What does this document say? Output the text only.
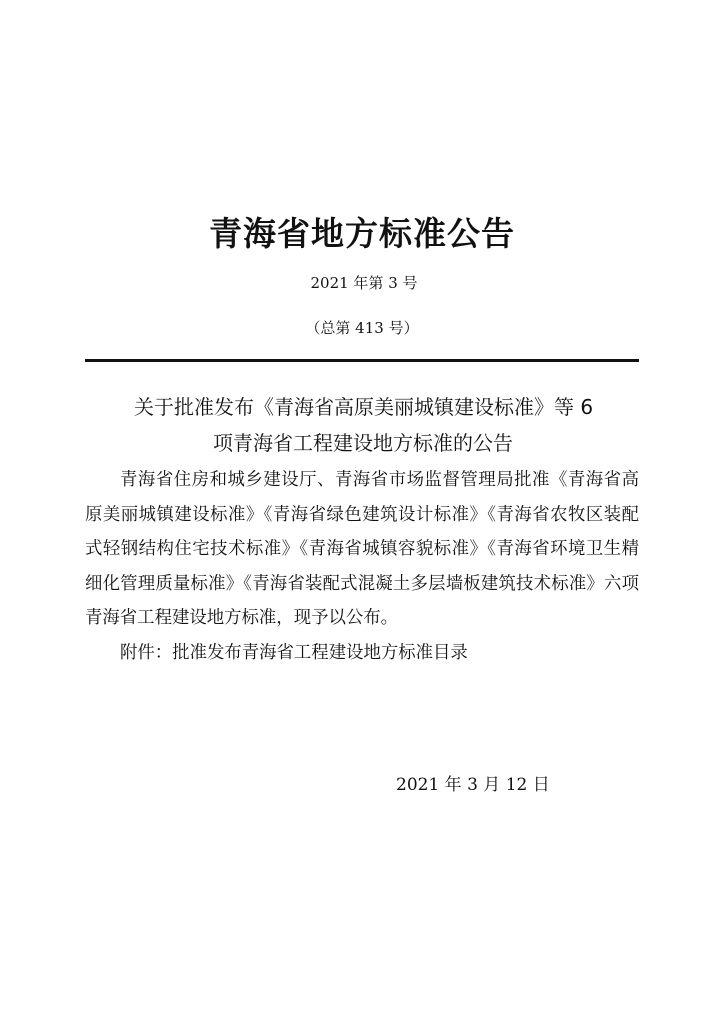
青海省地方标准公告
2021 年第 3 号
（总第 413 号）
关于批准发布《青海省高原美丽城镇建设标准》等 6
项青海省工程建设地方标准的公告

青海省住房和城乡建设厅、青海省市场监督管理局批准《青海省高原美丽城镇建设标准》《青海省绿色建筑设计标准》《青海省农牧区装配式轻钢结构住宅技术标准》《青海省城镇容貌标准》《青海省环境卫生精细化管理质量标准》《青海省装配式混凝土多层墙板建筑技术标准》六项青海省工程建设地方标准，现予以公布。

附件：批准发布青海省工程建设地方标准目录

2021 年 3 月 12 日
